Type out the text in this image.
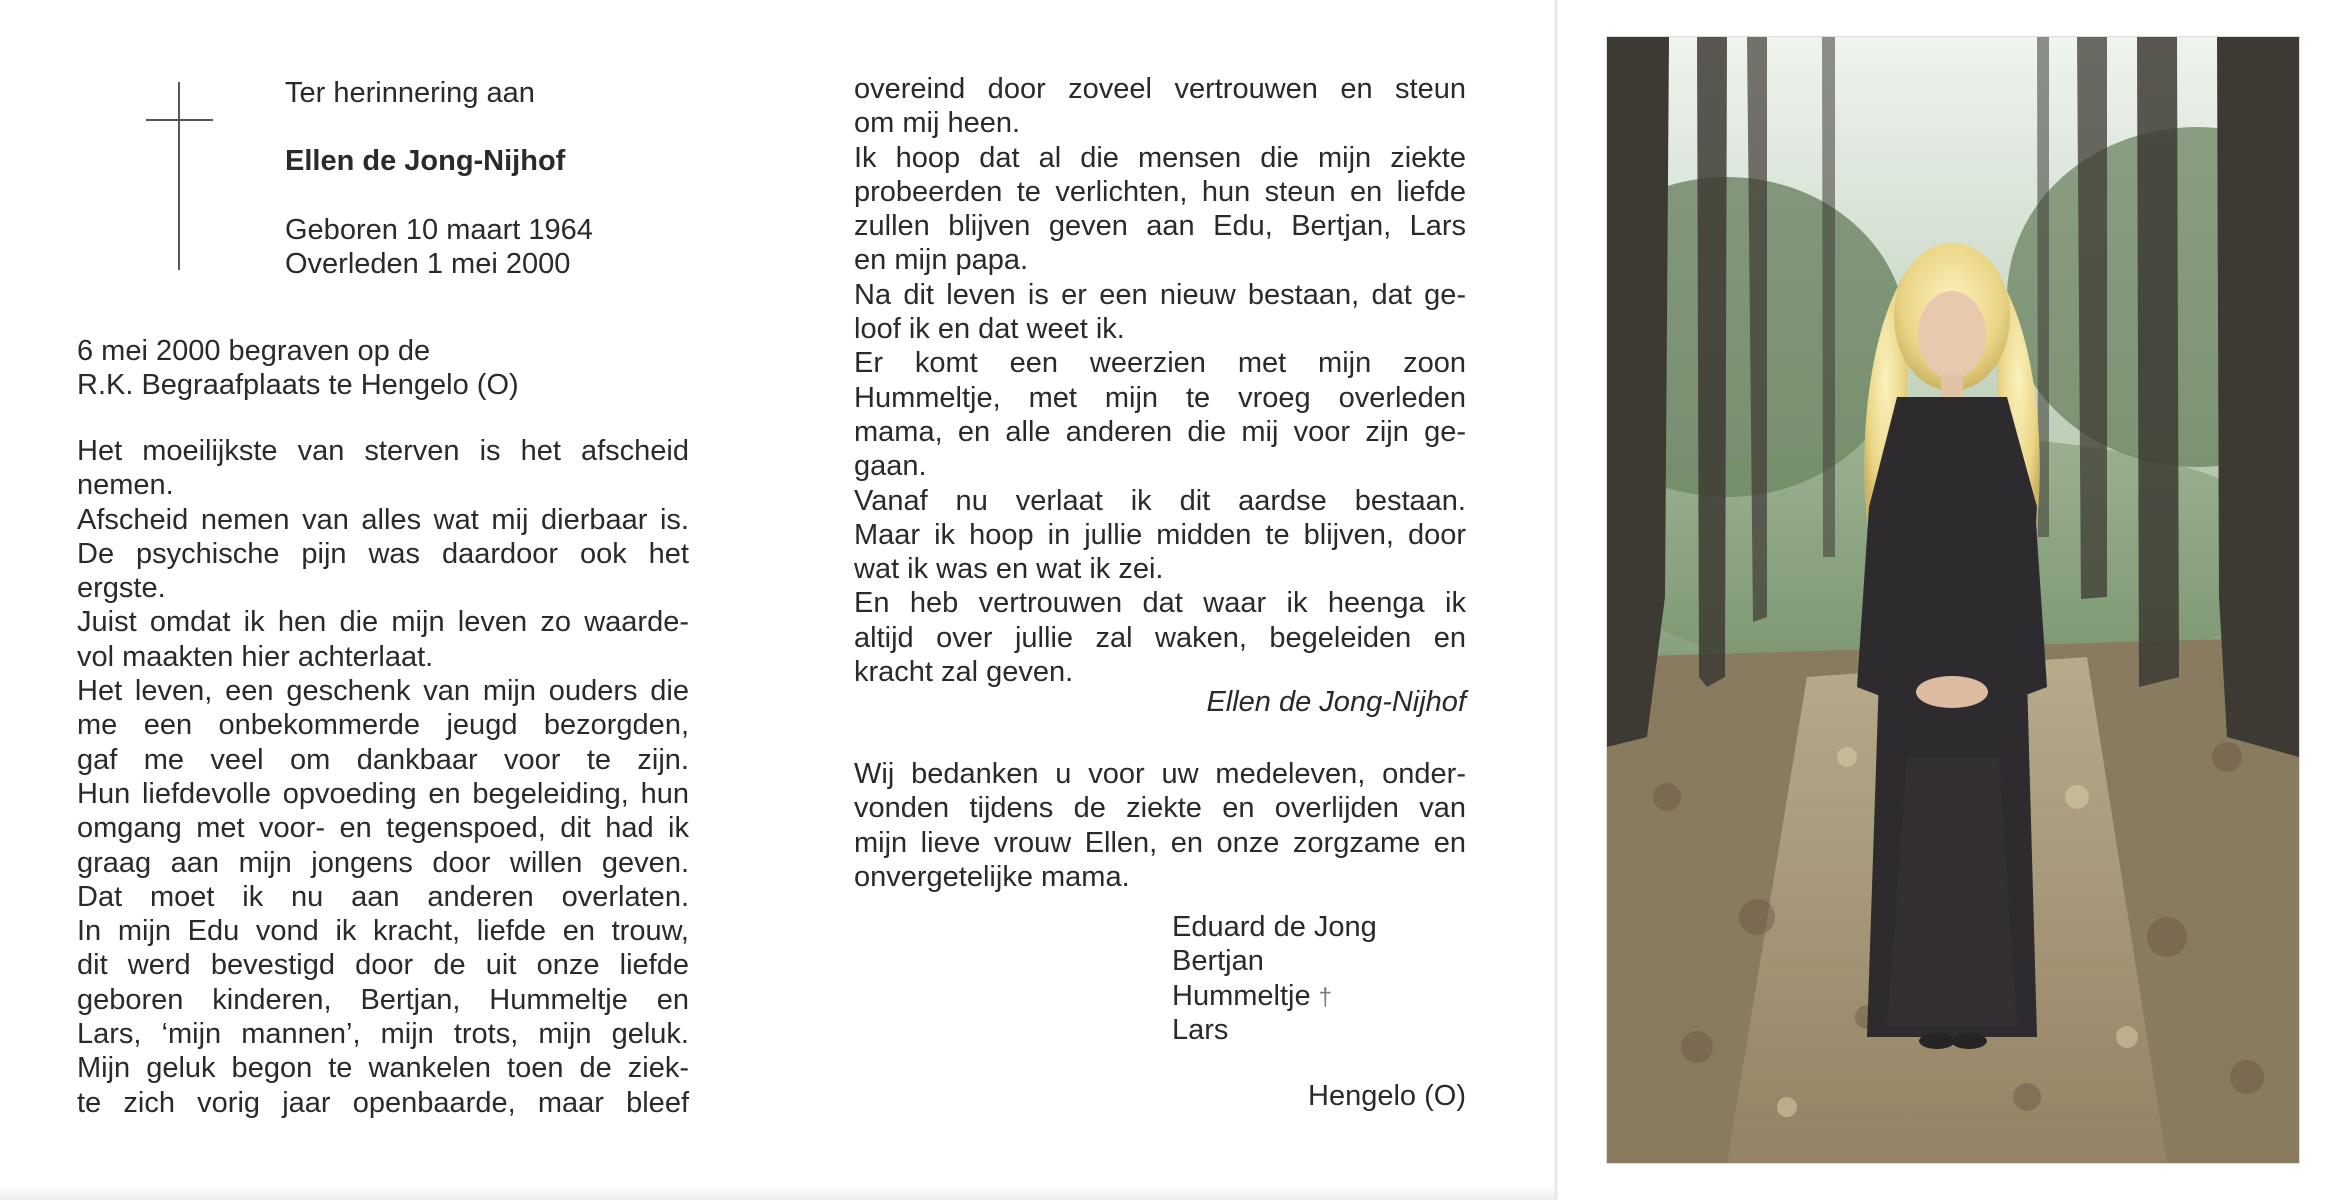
Ter herinnering aan
Ellen de Jong-Nijhof
Geboren 10 maart 1964
Overleden 1 mei 2000
6 mei 2000 begraven op de
R.K. Begraafplaats te Hengelo (O)
Het moeilijkste van sterven is het afscheid
nemen.
Afscheid nemen van alles wat mij dierbaar is.
De psychische pijn was daardoor ook het
ergste.
Juist omdat ik hen die mijn leven zo waarde-
vol maakten hier achterlaat.
Het leven, een geschenk van mijn ouders die
me een onbekommerde jeugd bezorgden,
gaf me veel om dankbaar voor te zijn.
Hun liefdevolle opvoeding en begeleiding, hun
omgang met voor- en tegenspoed, dit had ik
graag aan mijn jongens door willen geven.
Dat moet ik nu aan anderen overlaten.
In mijn Edu vond ik kracht, liefde en trouw,
dit werd bevestigd door de uit onze liefde
geboren kinderen, Bertjan, Hummeltje en
Lars, ‘mijn mannen’, mijn trots, mijn geluk.
Mijn geluk begon te wankelen toen de ziek-
te zich vorig jaar openbaarde, maar bleef
overeind door zoveel vertrouwen en steun
om mij heen.
Ik hoop dat al die mensen die mijn ziekte
probeerden te verlichten, hun steun en liefde
zullen blijven geven aan Edu, Bertjan, Lars
en mijn papa.
Na dit leven is er een nieuw bestaan, dat ge-
loof ik en dat weet ik.
Er komt een weerzien met mijn zoon
Hummeltje, met mijn te vroeg overleden
mama, en alle anderen die mij voor zijn ge-
gaan.
Vanaf nu verlaat ik dit aardse bestaan.
Maar ik hoop in jullie midden te blijven, door
wat ik was en wat ik zei.
En heb vertrouwen dat waar ik heenga ik
altijd over jullie zal waken, begeleiden en
kracht zal geven.
Ellen de Jong-Nijhof
Wij bedanken u voor uw medeleven, onder-
vonden tijdens de ziekte en overlijden van
mijn lieve vrouw Ellen, en onze zorgzame en
onvergetelijke mama.
Eduard de Jong
Bertjan
Hummeltje †
Lars
Hengelo (O)
